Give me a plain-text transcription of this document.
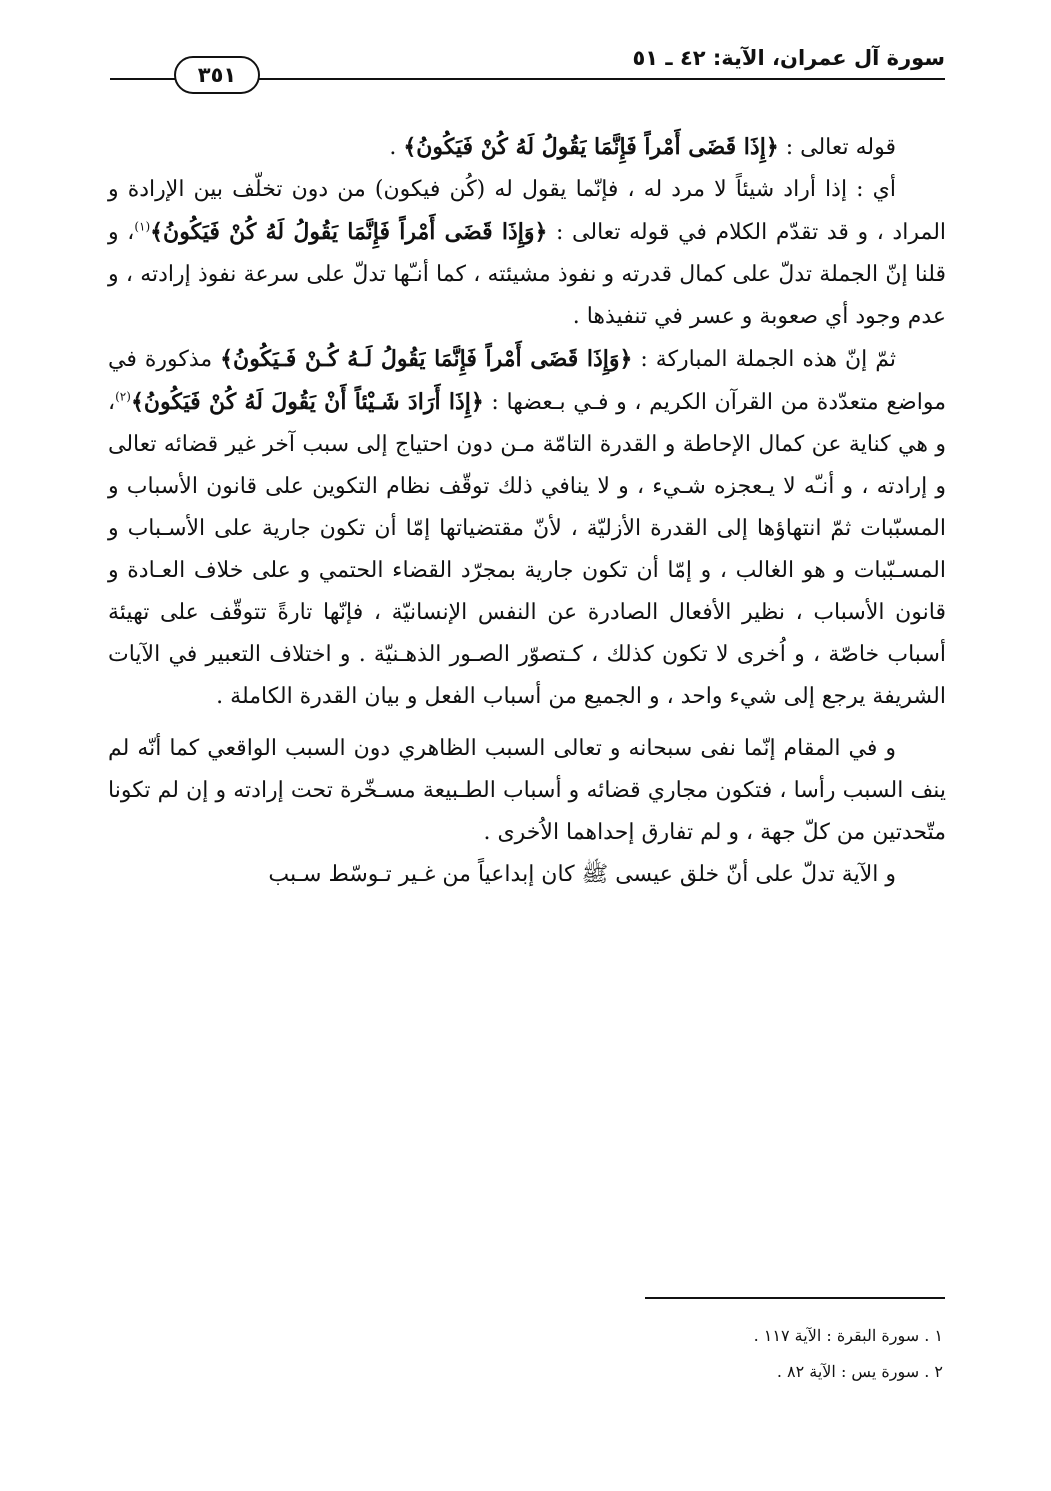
سورة آل عمران، الآية: ٤٢ ـ ٥١
٣٥١

قوله تعالى : ﴿إِذَا قَضَى أَمْراً فَإِنَّمَا يَقُولُ لَهُ كُنْ فَيَكُونُ﴾ .

أي : إذا أراد شيئاً لا مرد له ، فإنّما يقول له (كُن فيكون) من دون تخلّف بين الإرادة و المراد ، و قد تقدّم الكلام في قوله تعالى : ﴿وَإِذَا قَضَى أَمْراً فَإِنَّمَا يَقُولُ لَهُ كُنْ فَيَكُونُ﴾$^{(١)}$، و قلنا إنّ الجملة تدلّ على كمال قدرته و نفوذ مشيئته ، كما أنـّها تدلّ على سرعة نفوذ إرادته ، و عدم وجود أي صعوبة و عسر في تنفيذها .

ثمّ إنّ هذه الجملة المباركة : ﴿وَإِذَا قَضَى أَمْراً فَإِنَّمَا يَقُولُ لَـهُ كُـنْ فَـيَكُونُ﴾ مذكورة في مواضع متعدّدة من القرآن الكريم ، و فـي بـعضها : ﴿إِذَا أَرَادَ شَـيْئاً أَنْ يَقُولَ لَهُ كُنْ فَيَكُونُ﴾$^{(٢)}$، و هي كناية عن كمال الإحاطة و القدرة التامّة مـن دون احتياج إلى سبب آخر غير قضائه تعالى و إرادته ، و أنـّه لا يـعجزه شـيء ، و لا ينافي ذلك توقّف نظام التكوين على قانون الأسباب و المسبّبات ثمّ انتهاؤها إلى القدرة الأزليّة ، لأنّ مقتضياتها إمّا أن تكون جارية على الأسـباب و المسـبّبات و هو الغالب ، و إمّا أن تكون جارية بمجرّد القضاء الحتمي و على خلاف العـادة و قانون الأسباب ، نظير الأفعال الصادرة عن النفس الإنسانيّة ، فإنّها تارةً تتوقّف على تهيئة أسباب خاصّة ، و اُخرى لا تكون كذلك ، كـتصوّر الصـور الذهـنيّة . و اختلاف التعبير في الآيات الشريفة يرجع إلى شيء واحد ، و الجميع من أسباب الفعل و بيان القدرة الكاملة .

و في المقام إنّما نفى سبحانه و تعالى السبب الظاهري دون السبب الواقعي كما أنّه لم ينف السبب رأسا ، فتكون مجاري قضائه و أسباب الطـبيعة مسـخّرة تحت إرادته و إن لم تكونا متّحدتين من كلّ جهة ، و لم تفارق إحداهما الاُخرى .

و الآية تدلّ على أنّ خلق عيسى ﷺ كان إبداعياً من غـير تـوسّط سـبب

١ . سورة البقرة : الآية ١١٧ .
٢ . سورة يس : الآية ٨٢ .
